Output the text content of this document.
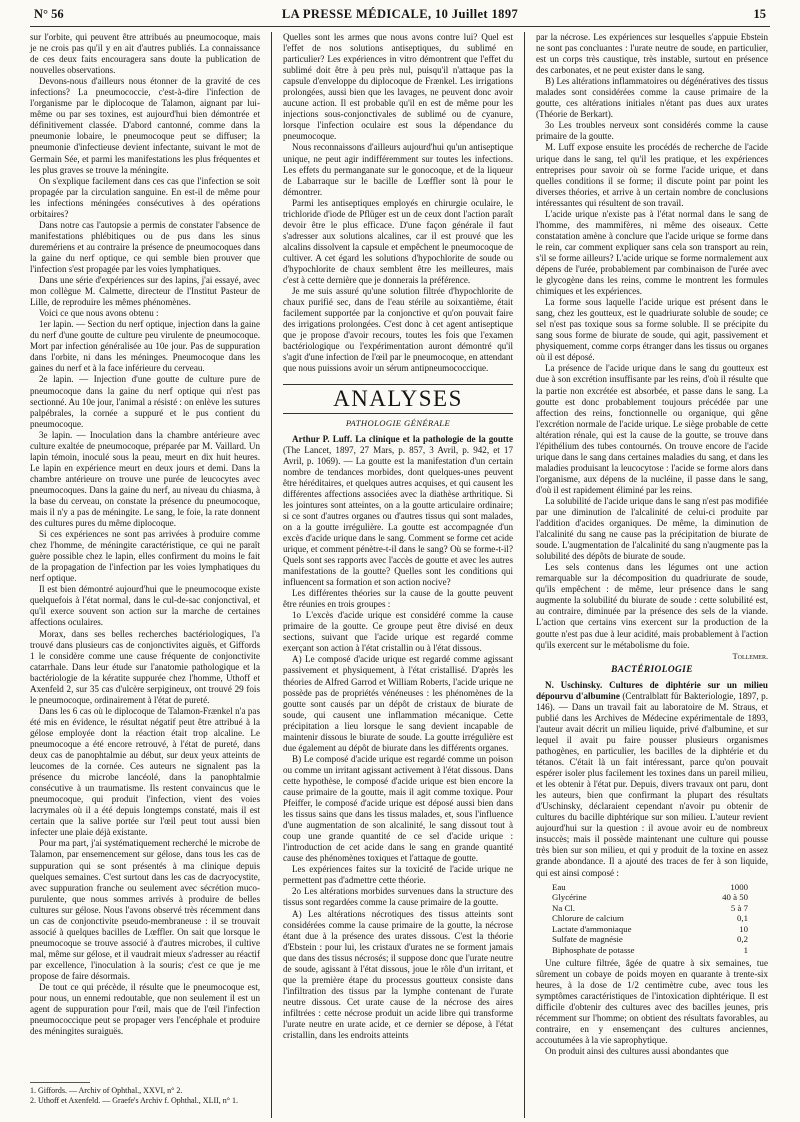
N° 56	LA PRESSE MÉDICALE, 10 Juillet 1897	15

sur l'orbite, qui peuvent être attribués au pneumocoque, mais je ne crois pas qu'il y en ait d'autres publiés. La connaissance de ces deux faits encouragera sans doute la publication de nouvelles observations.

Devons-nous d'ailleurs nous étonner de la gravité de ces infections? La pneumococcie, c'est-à-dire l'infection de l'organisme par le diplocoque de Talamon, aignant par lui-même ou par ses toxines, est aujourd'hui bien démontrée et définitivement classée. D'abord cantonné, comme dans la pneumonie lobaire, le pneumocoque peut se diffuser; la pneumonie d'infectieuse devient infectante, suivant le mot de Germain Sée, et parmi les manifestations les plus fréquentes et les plus graves se trouve la méningite.

On s'explique facilement dans ces cas que l'infection se soit propagée par la circulation sanguine. En est-il de même pour les infections méningées consécutives à des opérations orbitaires?

Dans notre cas l'autopsie a permis de constater l'absence de manifestations phlébitiques ou de pus dans les sinus duremériens et au contraire la présence de pneumocoques dans la gaine du nerf optique, ce qui semble bien prouver que l'infection s'est propagée par les voies lymphatiques.

Dans une série d'expériences sur des lapins, j'ai essayé, avec mon collègue M. Calmette, directeur de l'Institut Pasteur de Lille, de reproduire les mêmes phénomènes.

Voici ce que nous avons obtenu :

1er lapin. — Section du nerf optique, injection dans la gaine du nerf d'une goutte de culture peu virulente de pneumocoque. Mort par infection généralisée au 10e jour. Pas de suppuration dans l'orbite, ni dans les méninges. Pneumocoque dans les gaines du nerf et à la face inférieure du cerveau.

2e lapin. — Injection d'une goutte de culture pure de pneumocoque dans la gaine du nerf optique qui n'est pas sectionné. Au 10e jour, l'animal a résisté : on enlève les sutures palpébrales, la cornée a suppuré et le pus contient du pneumocoque.

3e lapin. — Inoculation dans la chambre antérieure avec culture exaltée de pneumocoque, préparée par M. Vaillard. Un lapin témoin, inoculé sous la peau, meurt en dix huit heures. Le lapin en expérience meurt en deux jours et demi. Dans la chambre antérieure on trouve une purée de leucocytes avec pneumocoques. Dans la gaine du nerf, au niveau du chiasma, à la base du cerveau, on constate la présence du pneumocoque, mais il n'y a pas de méningite. Le sang, le foie, la rate donnent des cultures pures du même diplocoque.

Si ces expériences ne sont pas arrivées à produire comme chez l'homme, de méningite caractéristique, ce qui ne paraît guère possible chez le lapin, elles confirment du moins le fait de la propagation de l'infection par les voies lymphatiques du nerf optique.

Il est bien démontré aujourd'hui que le pneumocoque existe quelquefois à l'état normal, dans le cul-de-sac conjonctival, et qu'il exerce souvent son action sur la marche de certaines affections oculaires.

Morax, dans ses belles recherches bactériologiques, l'a trouvé dans plusieurs cas de conjonctivites aiguës, et Giffords 1 le considère comme une cause fréquente de conjonctivite catarrhale. Dans leur étude sur l'anatomie pathologique et la bactériologie de la kératite suppurée chez l'homme, Uthoff et Axenfeld 2, sur 35 cas d'ulcère serpigineux, ont trouvé 29 fois le pneumocoque, ordinairement à l'état de pureté.

Dans les 6 cas où le diplocoque de Talamon-Frænkel n'a pas été mis en évidence, le résultat négatif peut être attribué à la gélose employée dont la réaction était trop alcaline. Le pneumocoque a été encore retrouvé, à l'état de pureté, dans deux cas de panophtalmie au début, sur deux yeux atteints de leucomes de la cornée. Ces auteurs ne signalent pas la présence du microbe lancéolé, dans la panophtalmie consécutive à un traumatisme. Ils restent convaincus que le pneumocoque, qui produit l'infection, vient des voies lacrymales où il a été depuis longtemps constaté, mais il est certain que la salive portée sur l'œil peut tout aussi bien infecter une plaie déjà existante.

Pour ma part, j'ai systématiquement recherché le microbe de Talamon, par ensemencement sur gélose, dans tous les cas de suppuration qui se sont présentés à ma clinique depuis quelques semaines. C'est surtout dans les cas de dacryocystite, avec suppuration franche ou seulement avec sécrétion muco-purulente, que nous sommes arrivés à produire de belles cultures sur gélose. Nous l'avons observé très récemment dans un cas de conjonctivite pseudo-membraneuse : il se trouvait associé à quelques bacilles de Lœffler. On sait que lorsque le pneumocoque se trouve associé à d'autres microbes, il cultive mal, même sur gélose, et il vaudrait mieux s'adresser au réactif par excellence, l'inoculation à la souris; c'est ce que je me propose de faire désormais.

De tout ce qui précède, il résulte que le pneumocoque est, pour nous, un ennemi redoutable, que non seulement il est un agent de suppuration pour l'œil, mais que de l'œil l'infection pneumococcique peut se propager vers l'encéphale et produire des méningites suraiguës.

1. Giffords. — Archiv of Ophthal., XXVI, n° 2.

2. Uthoff et Axenfeld. — Graefe's Archiv f. Ophthal., XLII, n° 1.

Quelles sont les armes que nous avons contre lui? Quel est l'effet de nos solutions antiseptiques, du sublimé en particulier? Les expériences in vitro démontrent que l'effet du sublimé doit être à peu près nul, puisqu'il n'attaque pas la capsule d'enveloppe du diplocoque de Frænkel. Les irrigations prolongées, aussi bien que les lavages, ne peuvent donc avoir aucune action. Il est probable qu'il en est de même pour les injections sous-conjonctivales de sublimé ou de cyanure, lorsque l'infection oculaire est sous la dépendance du pneumocoque.

Nous reconnaissons d'ailleurs aujourd'hui qu'un antiseptique unique, ne peut agir indifféremment sur toutes les infections. Les effets du permanganate sur le gonocoque, et de la liqueur de Labarraque sur le bacille de Lœffler sont là pour le démontrer.

Parmi les antiseptiques employés en chirurgie oculaire, le trichloride d'iode de Pflüger est un de ceux dont l'action paraît devoir être le plus efficace. D'une façon générale il faut s'adresser aux solutions alcalines, car il est prouvé que les alcalins dissolvent la capsule et empêchent le pneumocoque de cultiver. A cet égard les solutions d'hypochlorite de soude ou d'hypochlorite de chaux semblent être les meilleures, mais c'est à cette dernière que je donnerais la préférence.

Je me suis assuré qu'une solution filtrée d'hypochlorite de chaux purifié sec, dans de l'eau stérile au soixantième, était facilement supportée par la conjonctive et qu'on pouvait faire des irrigations prolongées. C'est donc à cet agent antiseptique que je propose d'avoir recours, toutes les fois que l'examen bactériologique ou l'expérimentation auront démontré qu'il s'agit d'une infection de l'œil par le pneumocoque, en attendant que nous puissions avoir un sérum antipneumococcique.

ANALYSES

PATHOLOGIE GÉNÉRALE

Arthur P. Luff. La clinique et la pathologie de la goutte (The Lancet, 1897, 27 Mars, p. 857, 3 Avril, p. 942, et 17 Avril, p. 1069). — La goutte est la manifestation d'un certain nombre de tendances morbides, dont quelques-unes peuvent être héréditaires, et quelques autres acquises, et qui causent les différentes affections associées avec la diathèse arthritique. Si les jointures sont atteintes, on a la goutte articulaire ordinaire; si ce sont d'autres organes ou d'autres tissus qui sont malades, on a la goutte irrégulière. La goutte est accompagnée d'un excès d'acide urique dans le sang. Comment se forme cet acide urique, et comment pénètre-t-il dans le sang? Où se forme-t-il? Quels sont ses rapports avec l'accès de goutte et avec les autres manifestations de la goutte? Quelles sont les conditions qui influencent sa formation et son action nocive?

Les différentes théories sur la cause de la goutte peuvent être réunies en trois groupes :

1o L'excès d'acide urique est considéré comme la cause primaire de la goutte. Ce groupe peut être divisé en deux sections, suivant que l'acide urique est regardé comme exerçant son action à l'état cristallin ou à l'état dissous.

A) Le composé d'acide urique est regardé comme agissant passivement et physiquement, à l'état cristallisé. D'après les théories de Alfred Garrod et William Roberts, l'acide urique ne possède pas de propriétés vénéneuses : les phénomènes de la goutte sont causés par un dépôt de cristaux de biurate de soude, qui causent une inflammation mécanique. Cette précipitation a lieu lorsque le sang devient incapable de maintenir dissous le biurate de soude. La goutte irrégulière est due également au dépôt de biurate dans les différents organes.

B) Le composé d'acide urique est regardé comme un poison ou comme un irritant agissant activement à l'état dissous. Dans cette hypothèse, le composé d'acide urique est bien encore la cause primaire de la goutte, mais il agit comme toxique. Pour Pfeiffer, le composé d'acide urique est déposé aussi bien dans les tissus sains que dans les tissus malades, et, sous l'influence d'une augmentation de son alcalinité, le sang dissout tout à coup une grande quantité de ce sel d'acide urique : l'introduction de cet acide dans le sang en grande quantité cause des phénomènes toxiques et l'attaque de goutte.

Les expériences faites sur la toxicité de l'acide urique ne permettent pas d'admettre cette théorie.

2o Les altérations morbides survenues dans la structure des tissus sont regardées comme la cause primaire de la goutte.

A) Les altérations nécrotiques des tissus atteints sont considérées comme la cause primaire de la goutte, la nécrose étant due à la présence des urates dissous. C'est la théorie d'Ebstein : pour lui, les cristaux d'urates ne se forment jamais que dans des tissus nécrosés; il suppose donc que l'urate neutre de soude, agissant à l'état dissous, joue le rôle d'un irritant, et que la première étape du processus goutteux consiste dans l'infiltration des tissus par la lymphe contenant de l'urate neutre dissous. Cet urate cause de la nécrose des aires infiltrées : cette nécrose produit un acide libre qui transforme l'urate neutre en urate acide, et ce dernier se dépose, à l'état cristallin, dans les endroits atteints

par la nécrose. Les expériences sur lesquelles s'appuie Ebstein ne sont pas concluantes : l'urate neutre de soude, en particulier, est un corps très caustique, très instable, surtout en présence des carbonates, et ne peut exister dans le sang.

B) Les altérations inflammatoires ou dégénératives des tissus malades sont considérées comme la cause primaire de la goutte, ces altérations initiales n'étant pas dues aux urates (Théorie de Berkart).

3o Les troubles nerveux sont considérés comme la cause primaire de la goutte.

M. Luff expose ensuite les procédés de recherche de l'acide urique dans le sang, tel qu'il les pratique, et les expériences entreprises pour savoir où se forme l'acide urique, et dans quelles conditions il se forme; il discute point par point les diverses théories, et arrive à un certain nombre de conclusions intéressantes qui résultent de son travail.

L'acide urique n'existe pas à l'état normal dans le sang de l'homme, des mammifères, ni même des oiseaux. Cette constatation amène à conclure que l'acide urique se forme dans le rein, car comment expliquer sans cela son transport au rein, s'il se forme ailleurs? L'acide urique se forme normalement aux dépens de l'urée, probablement par combinaison de l'urée avec le glycogène dans les reins, comme le montrent les formules chimiques et les expériences.

La forme sous laquelle l'acide urique est présent dans le sang, chez les goutteux, est le quadriurate soluble de soude; ce sel n'est pas toxique sous sa forme soluble. Il se précipite du sang sous forme de biurate de soude, qui agit, passivement et physiquement, comme corps étranger dans les tissus ou organes où il est déposé.

La présence de l'acide urique dans le sang du goutteux est due à son excrétion insuffisante par les reins, d'où il résulte que la partie non excrétée est absorbée, et passe dans le sang. La goutte est donc probablement toujours précédée par une affection des reins, fonctionnelle ou organique, qui gêne l'excrétion normale de l'acide urique. Le siège probable de cette altération rénale, qui est la cause de la goutte, se trouve dans l'épithélium des tubes contournés. On trouve encore de l'acide urique dans le sang dans certaines maladies du sang, et dans les maladies produisant la leucocytose : l'acide se forme alors dans l'organisme, aux dépens de la nucléine, il passe dans le sang, d'où il est rapidement éliminé par les reins.

La solubilité de l'acide urique dans le sang n'est pas modifiée par une diminution de l'alcalinité de celui-ci produite par l'addition d'acides organiques. De même, la diminution de l'alcalinité du sang ne cause pas la précipitation de biurate de soude. L'augmentation de l'alcalinité du sang n'augmente pas la solubilité des dépôts de biurate de soude.

Les sels contenus dans les légumes ont une action remarquable sur la décomposition du quadriurate de soude, qu'ils empêchent : de même, leur présence dans le sang augmente la solubilité du biurate de soude : cette solubilité est, au contraire, diminuée par la présence des sels de la viande. L'action que certains vins exercent sur la production de la goutte n'est pas due à leur acidité, mais probablement à l'action qu'ils exercent sur le métabolisme du foie.

Tollemer.

BACTÉRIOLOGIE

N. Uschinsky. Cultures de diphtérie sur un milieu dépourvu d'albumine (Centralblatt für Bakteriologie, 1897, p. 146). — Dans un travail fait au laboratoire de M. Straus, et publié dans les Archives de Médecine expérimentale de 1893, l'auteur avait décrit un milieu liquide, privé d'albumine, et sur lequel il avait pu faire pousser plusieurs organismes pathogènes, en particulier, les bacilles de la diphtérie et du tétanos. C'était là un fait intéressant, parce qu'on pouvait espérer isoler plus facilement les toxines dans un pareil milieu, et les obtenir à l'état pur. Depuis, divers travaux ont paru, dont les auteurs, bien que confirmant la plupart des résultats d'Uschinsky, déclaraient cependant n'avoir pu obtenir de cultures du bacille diphtérique sur son milieu. L'auteur revient aujourd'hui sur la question : il avoue avoir eu de nombreux insuccès; mais il possède maintenant une culture qui pousse très bien sur son milieu, et qui y produit de la toxine en assez grande abondance. Il a ajouté des traces de fer à son liquide, qui est ainsi composé :

Eau	1000
Glycérine	40 à 50
Na Cl.	5 à 7
Chlorure de calcium	0,1
Lactate d'ammoniaque	10
Sulfate de magnésie	0,2
Biphosphate de potasse	1

Une culture filtrée, âgée de quatre à six semaines, tue sûrement un cobaye de poids moyen en quarante à trente-six heures, à la dose de 1/2 centimètre cube, avec tous les symptômes caractéristiques de l'intoxication diphtérique. Il est difficile d'obtenir des cultures avec des bacilles jeunes, pris récemment sur l'homme; on obtient des résultats favorables, au contraire, en y ensemençant des cultures anciennes, accoutumées à la vie saprophytique.

On produit ainsi des cultures aussi abondantes que
